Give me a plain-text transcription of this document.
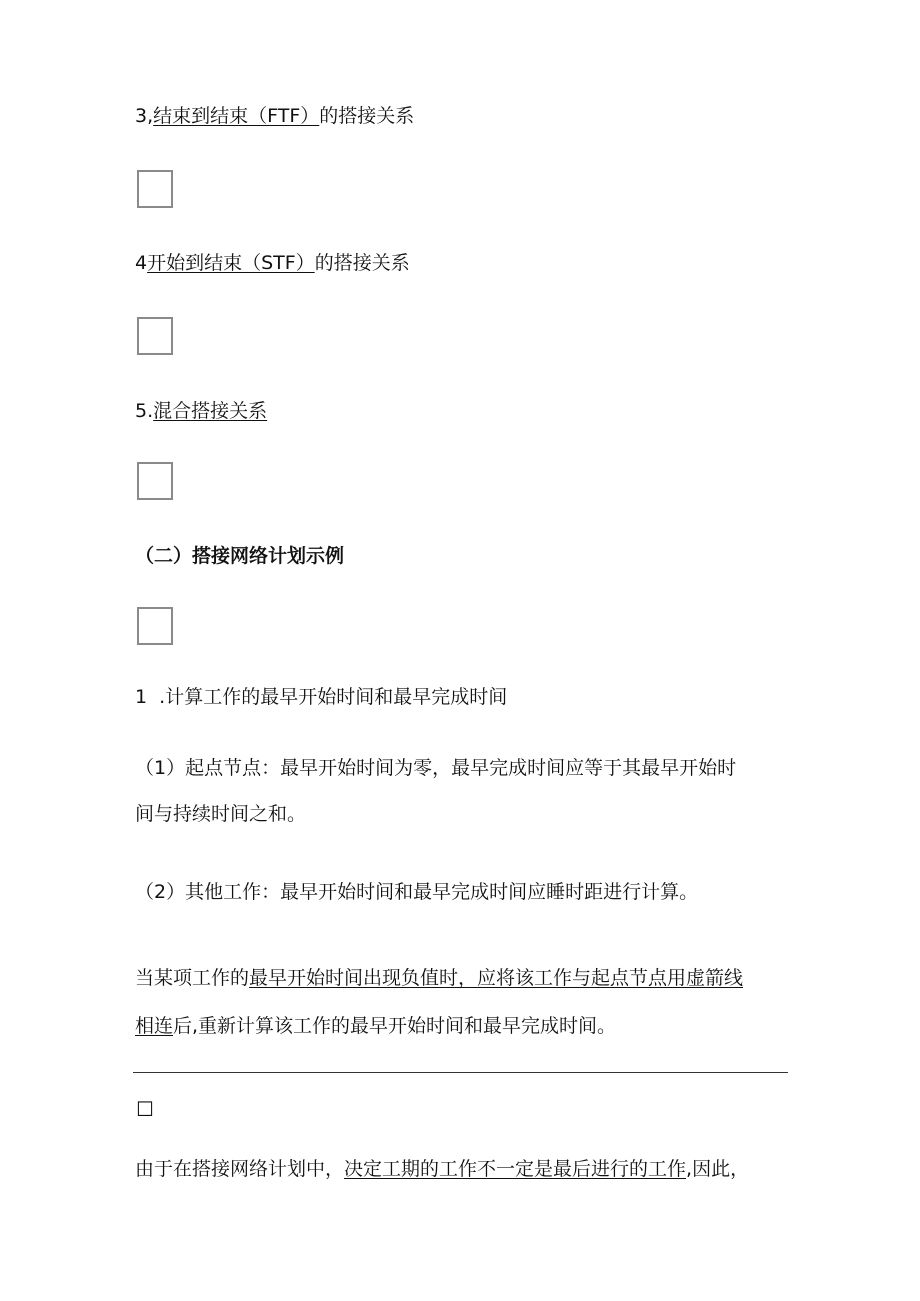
3,结束到结束（FTF）的搭接关系
4开始到结束（STF）的搭接关系
5.混合搭接关系
（二）搭接网络计划示例
1  .计算工作的最早开始时间和最早完成时间
（1）起点节点：最早开始时间为零，最早完成时间应等于其最早开始时
间与持续时间之和。
（2）其他工作：最早开始时间和最早完成时间应睡时距进行计算。
当某项工作的最早开始时间出现负值时，应将该工作与起点节点用虚箭线
相连后,重新计算该工作的最早开始时间和最早完成时间。
☐
由于在搭接网络计划中，决定工期的工作不一定是最后进行的工作,因此，
